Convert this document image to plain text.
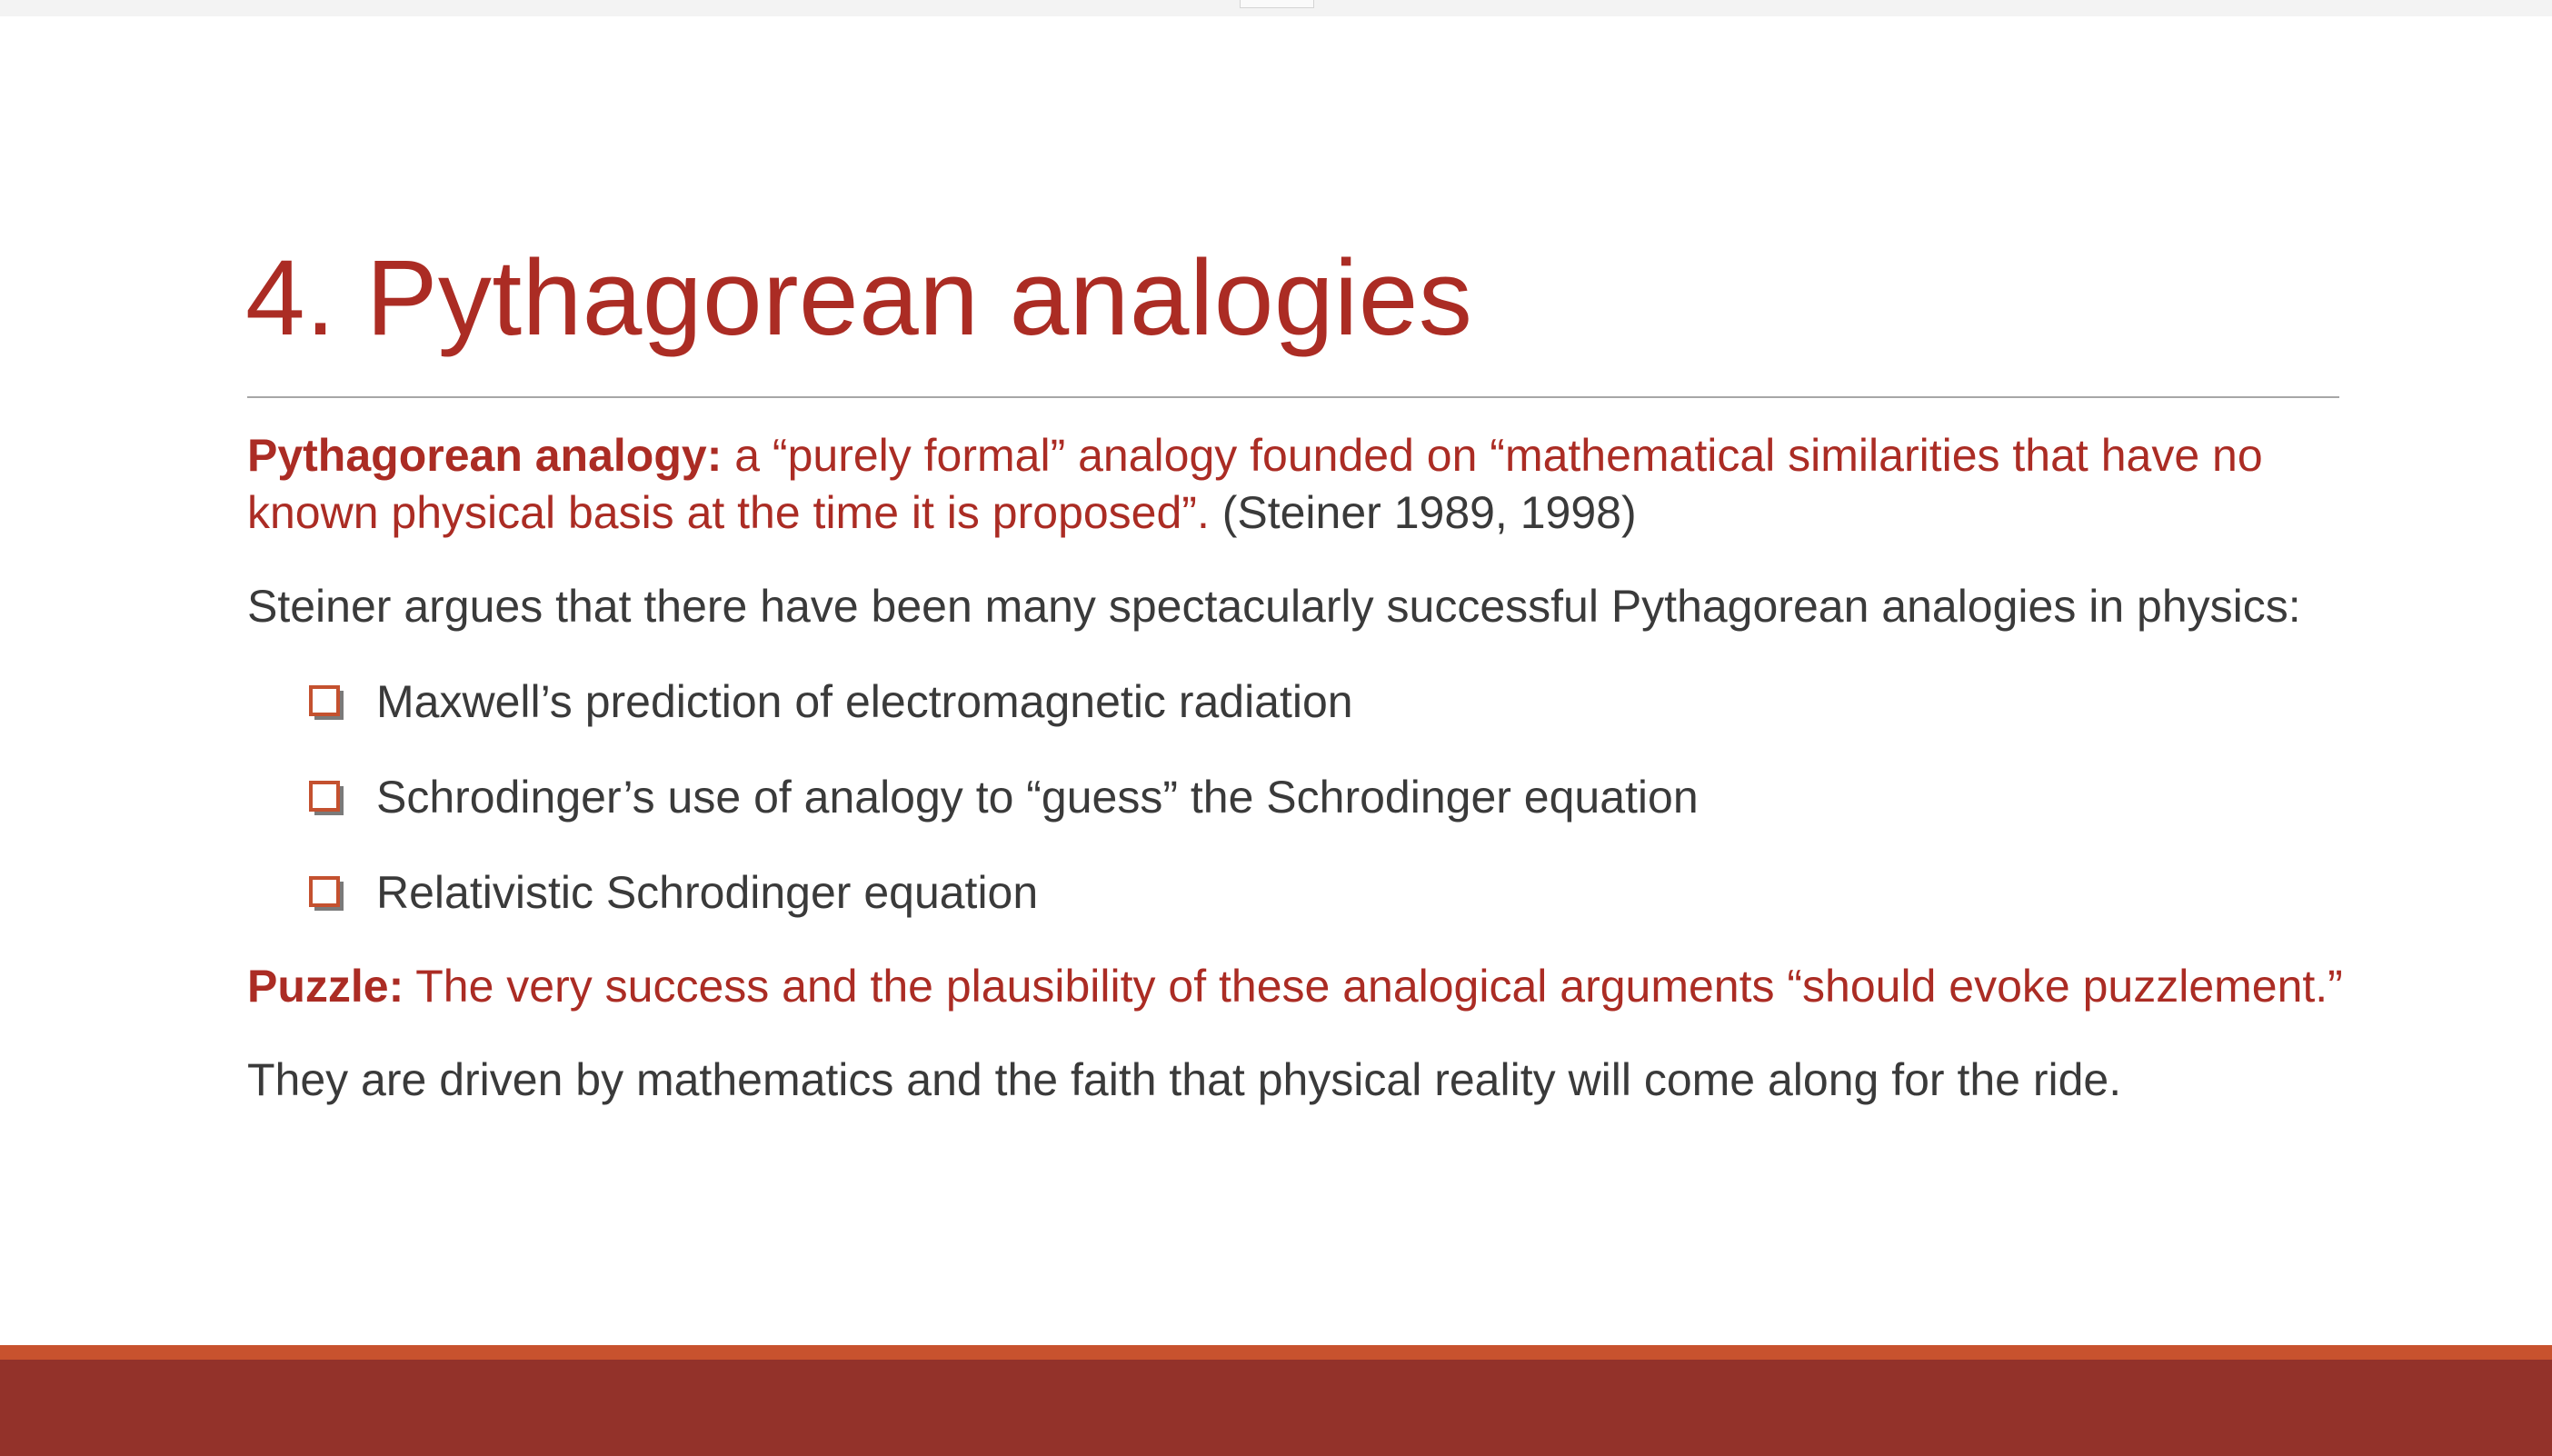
4. Pythagorean analogies

Pythagorean analogy: a “purely formal” analogy founded on “mathematical similarities that have no known physical basis at the time it is proposed”. (Steiner 1989, 1998)

Steiner argues that there have been many spectacularly successful Pythagorean analogies in physics:

Maxwell’s prediction of electromagnetic radiation
Schrodinger’s use of analogy to “guess” the Schrodinger equation
Relativistic Schrodinger equation

Puzzle: The very success and the plausibility of these analogical arguments “should evoke puzzlement.”

They are driven by mathematics and the faith that physical reality will come along for the ride.
